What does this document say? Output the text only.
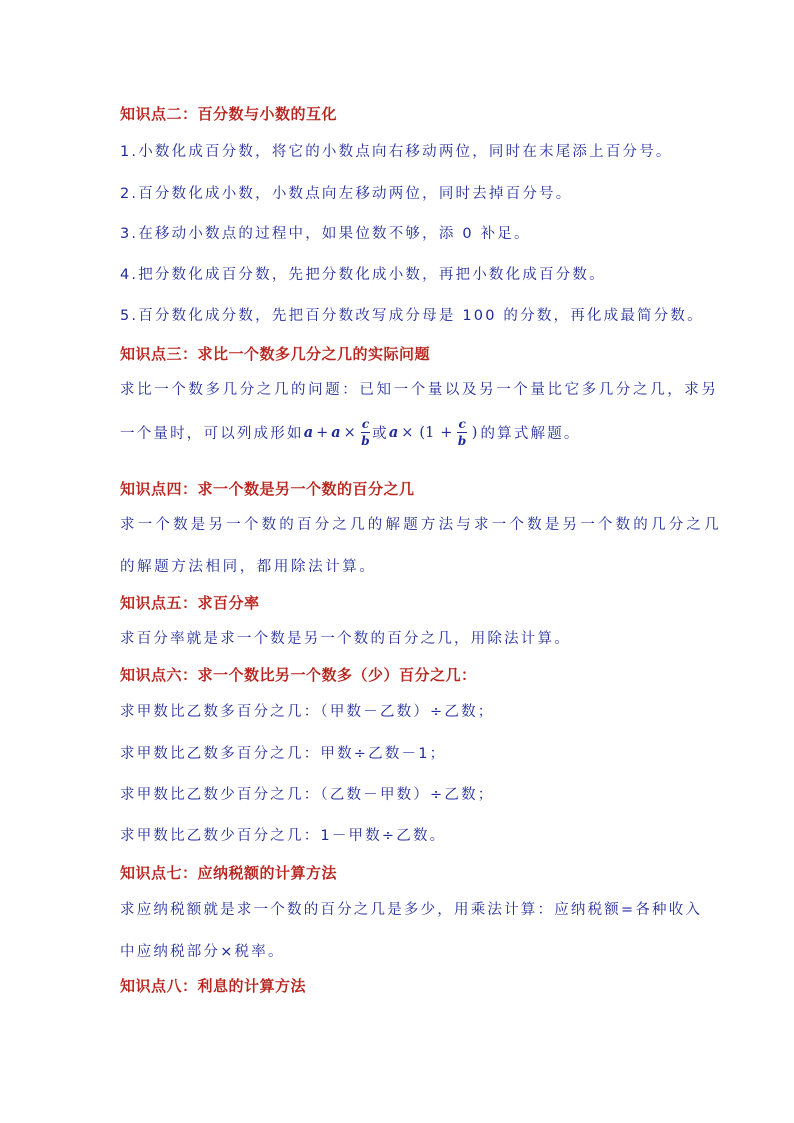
知识点二：百分数与小数的互化
1.小数化成百分数，将它的小数点向右移动两位，同时在末尾添上百分号。
2.百分数化成小数，小数点向左移动两位，同时去掉百分号。
3.在移动小数点的过程中，如果位数不够，添 0 补足。
4.把分数化成百分数，先把分数化成小数，再把小数化成百分数。
5.百分数化成分数，先把百分数改写成分母是 100 的分数，再化成最简分数。
知识点三：求比一个数多几分之几的实际问题
求比一个数多几分之几的问题：已知一个量以及另一个量比它多几分之几，求另
一个量时，可以列成形如 $a + a \times \frac{c}{b}$ 或 $a \times (1 + \frac{c}{b}$ ) 的算式解题。
知识点四：求一个数是另一个数的百分之几
求一个数是另一个数的百分之几的解题方法与求一个数是另一个数的几分之几
的解题方法相同，都用除法计算。
知识点五：求百分率
求百分率就是求一个数是另一个数的百分之几，用除法计算。
知识点六：求一个数比另一个数多（少）百分之几：
求甲数比乙数多百分之几：（甲数－乙数）÷乙数；
求甲数比乙数多百分之几：甲数÷乙数－1；
求甲数比乙数少百分之几：（乙数－甲数）÷乙数；
求甲数比乙数少百分之几：1－甲数÷乙数。
知识点七：应纳税额的计算方法
求应纳税额就是求一个数的百分之几是多少，用乘法计算：应纳税额=各种收入
中应纳税部分×税率。
知识点八：利息的计算方法
